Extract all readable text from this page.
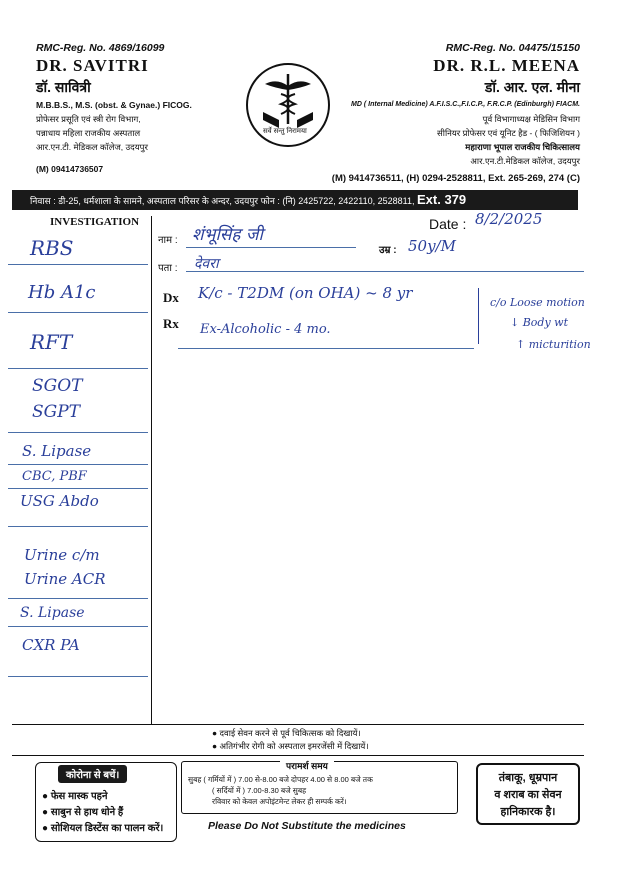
RMC-Reg. No. 4869/16099
DR. SAVITRI
डॉ. सावित्री
M.B.B.S., M.S. (obst. & Gynae.) FICOG.
प्रोफेसर प्रसूति एवं स्त्री रोग विभाग,
पन्नाधाय महिला राजकीय अस्पताल
आर.एन.टी. मेडिकल कॉलेज, उदयपुर
(M) 09414736507
सर्वे सन्तु निरामया
RMC-Reg. No. 04475/15150
DR. R.L. MEENA
डॉ. आर. एल. मीना
MD ( Internal Medicine) A.F.I.S.C.,F.I.C.P., F.R.C.P. (Edinburgh) FIACM.
पूर्व विभागाध्यक्ष मेडिसिन विभाग
सीनियर प्रोफेसर एवं यूनिट हैड - ( फिजिशियन )
महाराणा भूपाल राजकीय चिकित्सालय
आर.एन.टी.मेडिकल कॉलेज, उदयपुर
(M) 9414736511, (H) 0294-2528811, Ext. 265-269, 274 (C)
निवास : डी-25, धर्मशाला के सामने, अस्पताल परिसर के अन्दर, उदयपुर फोन : (नि) 2425722, 2422110, 2528811, Ext. 379
INVESTIGATION
नाम : शंभूसिंह जी
पता : देवरा
उम्र : 50y/M
Date : 8/2/2025
Dx K/c - T2DM (on OHA) ~ 8 yr
Rx Ex-Alcoholic - 4 mo.
c/o Loose motion
↓ Body wt
↑ micturition
RBS
Hb A1c
RFT
SGOT
SGPT
S. Lipase
CBC, PBF
USG Abdo
Urine c/m
Urine ACR
S. Lipase
CXR PA
● दवाई सेवन करने से पूर्व चिकित्सक को दिखायें।
● अतिगंभीर रोगी को अस्पताल इमरजेंसी में दिखायें।
कोरोना से बचें।
● फेस मास्क पहने
● साबुन से हाथ धोने हैं
● सोशियल डिस्टेंस का पालन करें।
परामर्श समय
सुबह ( गर्मियों में ) 7.00 से-8.00 बजे दोपहर 4.00 से 8.00 बजे तक
( सर्दियों में ) 7.00-8.30 बजे सुबह
रविवार को केवल अपोइंटमेन्ट लेकर ही सम्पर्क करें।
Please Do Not Substitute the medicines
तंबाकू, धूम्रपान
व शराब का सेवन
हानिकारक है।
